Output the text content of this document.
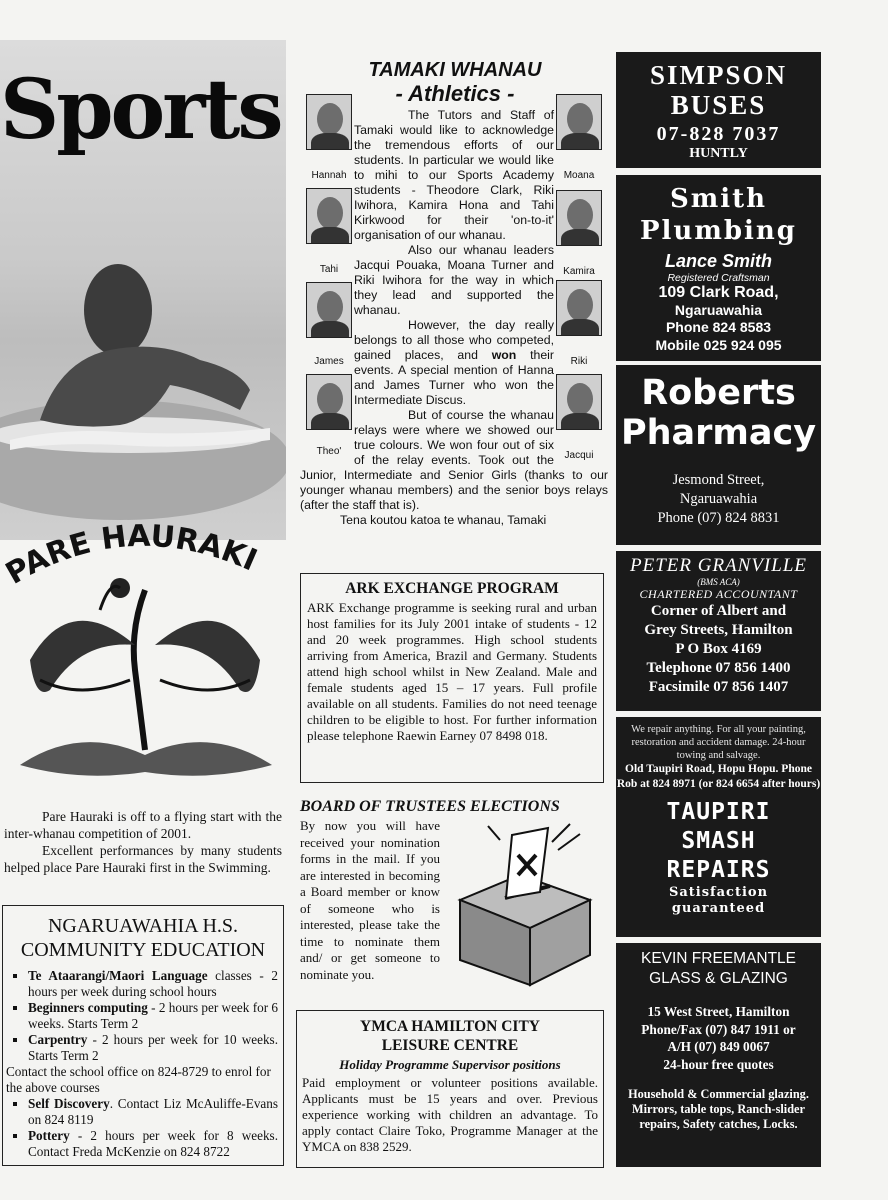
Sports
PARE HAURAKI

Pare Hauraki is off to a flying start with the inter-whanau competition of 2001.

Excellent performances by many students helped place Pare Hauraki first in the Swimming.

NGARUAWAHIA H.S. COMMUNITY EDUCATION
▪ Te Ataarangi/Maori Language classes - 2 hours per week during school hours
▪ Beginners computing - 2 hours per week for 6 weeks. Starts Term 2
▪ Carpentry - 2 hours per week for 10 weeks. Starts Term 2
Contact the school office on 824-8729 to enrol for the above courses
▪ Self Discovery. Contact Liz McAuliffe-Evans on 824 8119
▪ Pottery - 2 hours per week for 8 weeks. Contact Freda McKenzie on 824 8722
TAMAKI WHANAU
- Athletics -
Hannah	Moana
Tahi	Kamira
James	Riki
Theo'	Jacqui

The Tutors and Staff of Tamaki would like to acknowledge the tremendous efforts of our students. In particular we would like to mihi to our Sports Academy students - Theodore Clark, Riki Iwihora, Kamira Hona and Tahi Kirkwood for their 'on-to-it' organisation of our whanau.

Also our whanau leaders Jacqui Pouaka, Moana Turner and Riki Iwihora for the way in which they lead and supported the whanau.

However, the day really belongs to all those who competed, gained places, and won their events. A special mention of Hanna and James Turner who won the Intermediate Discus.

But of course the whanau relays were where we showed our true colours. We won four out of six of the relay events. Took out the Junior, Intermediate and Senior Girls (thanks to our younger whanau members) and the senior boys relays (after the staff that is).

Tena koutou katoa te whanau, Tamaki

ARK EXCHANGE PROGRAM
ARK Exchange programme is seeking rural and urban host families for its July 2001 intake of students - 12 and 20 week programmes. High school students arriving from America, Brazil and Germany. Students attend high school whilst in New Zealand. Male and female students aged 15 – 17 years. Full profile available on all students. Families do not need teenage children to be eligible to host. For further information please telephone Raewin Earney 07 8498 018.
BOARD OF TRUSTEES ELECTIONS
By now you will have received your nomination forms in the mail. If you are interested in becoming a Board member or know of someone who is interested, please take the time to nominate them and/ or get someone to nominate you.
YMCA HAMILTON CITY
LEISURE CENTRE
Holiday Programme Supervisor positions
Paid employment or volunteer positions available. Applicants must be 15 years and over. Previous experience working with children an advantage. To apply contact Claire Toko, Programme Manager at the YMCA on 838 2529.
SIMPSON
BUSES
07-828 7037
HUNTLY
Smith
Plumbing
Lance Smith
Registered Craftsman
109 Clark Road,
Ngaruawahia
Phone 824 8583
Mobile 025 924 095
Roberts
Pharmacy
Jesmond Street,
Ngaruawahia
Phone (07) 824 8831
PETER GRANVILLE
(BMS ACA)
CHARTERED ACCOUNTANT
Corner of Albert and
Grey Streets, Hamilton
P O Box 4169
Telephone 07 856 1400
Facsimile 07 856 1407
We repair anything. For all your painting, restoration and accident damage. 24-hour towing and salvage.
Old Taupiri Road, Hopu Hopu. Phone Rob at 824 8971 (or 824 6654 after hours)
TAUPIRI
SMASH
REPAIRS
Satisfaction
guaranteed
KEVIN FREEMANTLE
GLASS & GLAZING
15 West Street, Hamilton
Phone/Fax (07) 847 1911 or
A/H (07) 849 0067
24-hour free quotes
Household & Commercial glazing. Mirrors, table tops, Ranch-slider repairs, Safety catches, Locks.
